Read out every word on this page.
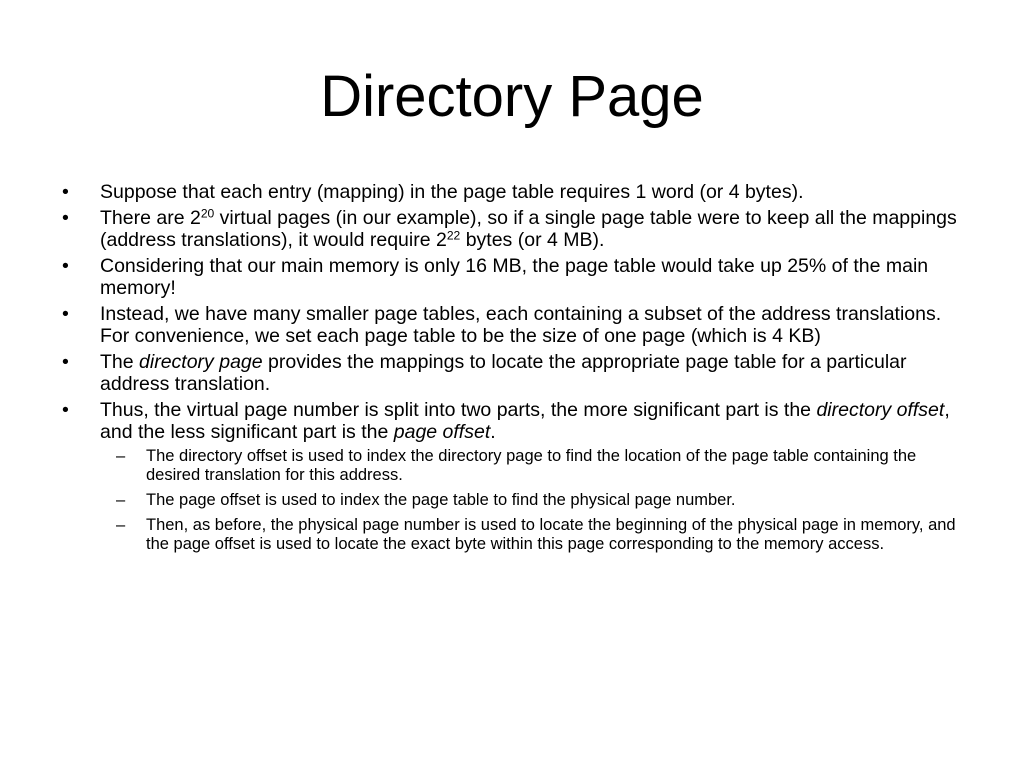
Directory Page
•	Suppose that each entry (mapping) in the page table requires 1 word (or 4 bytes).
•	There are $2^{20}$ virtual pages (in our example), so if a single page table were to keep all the mappings (address translations), it would require $2^{22}$ bytes (or 4 MB).
•	Considering that our main memory is only 16 MB, the page table would take up 25% of the main memory!
•	Instead, we have many smaller page tables, each containing a subset of the address translations. For convenience, we set each page table to be the size of one page (which is 4 KB)
•	The directory page provides the mappings to locate the appropriate page table for a particular address translation.
•	Thus, the virtual page number is split into two parts, the more significant part is the directory offset, and the less significant part is the page offset.
– The directory offset is used to index the directory page to find the location of the page table containing the desired translation for this address.
– The page offset is used to index the page table to find the physical page number.
– Then, as before, the physical page number is used to locate the beginning of the physical page in memory, and the page offset is used to locate the exact byte within this page corresponding to the memory access.
